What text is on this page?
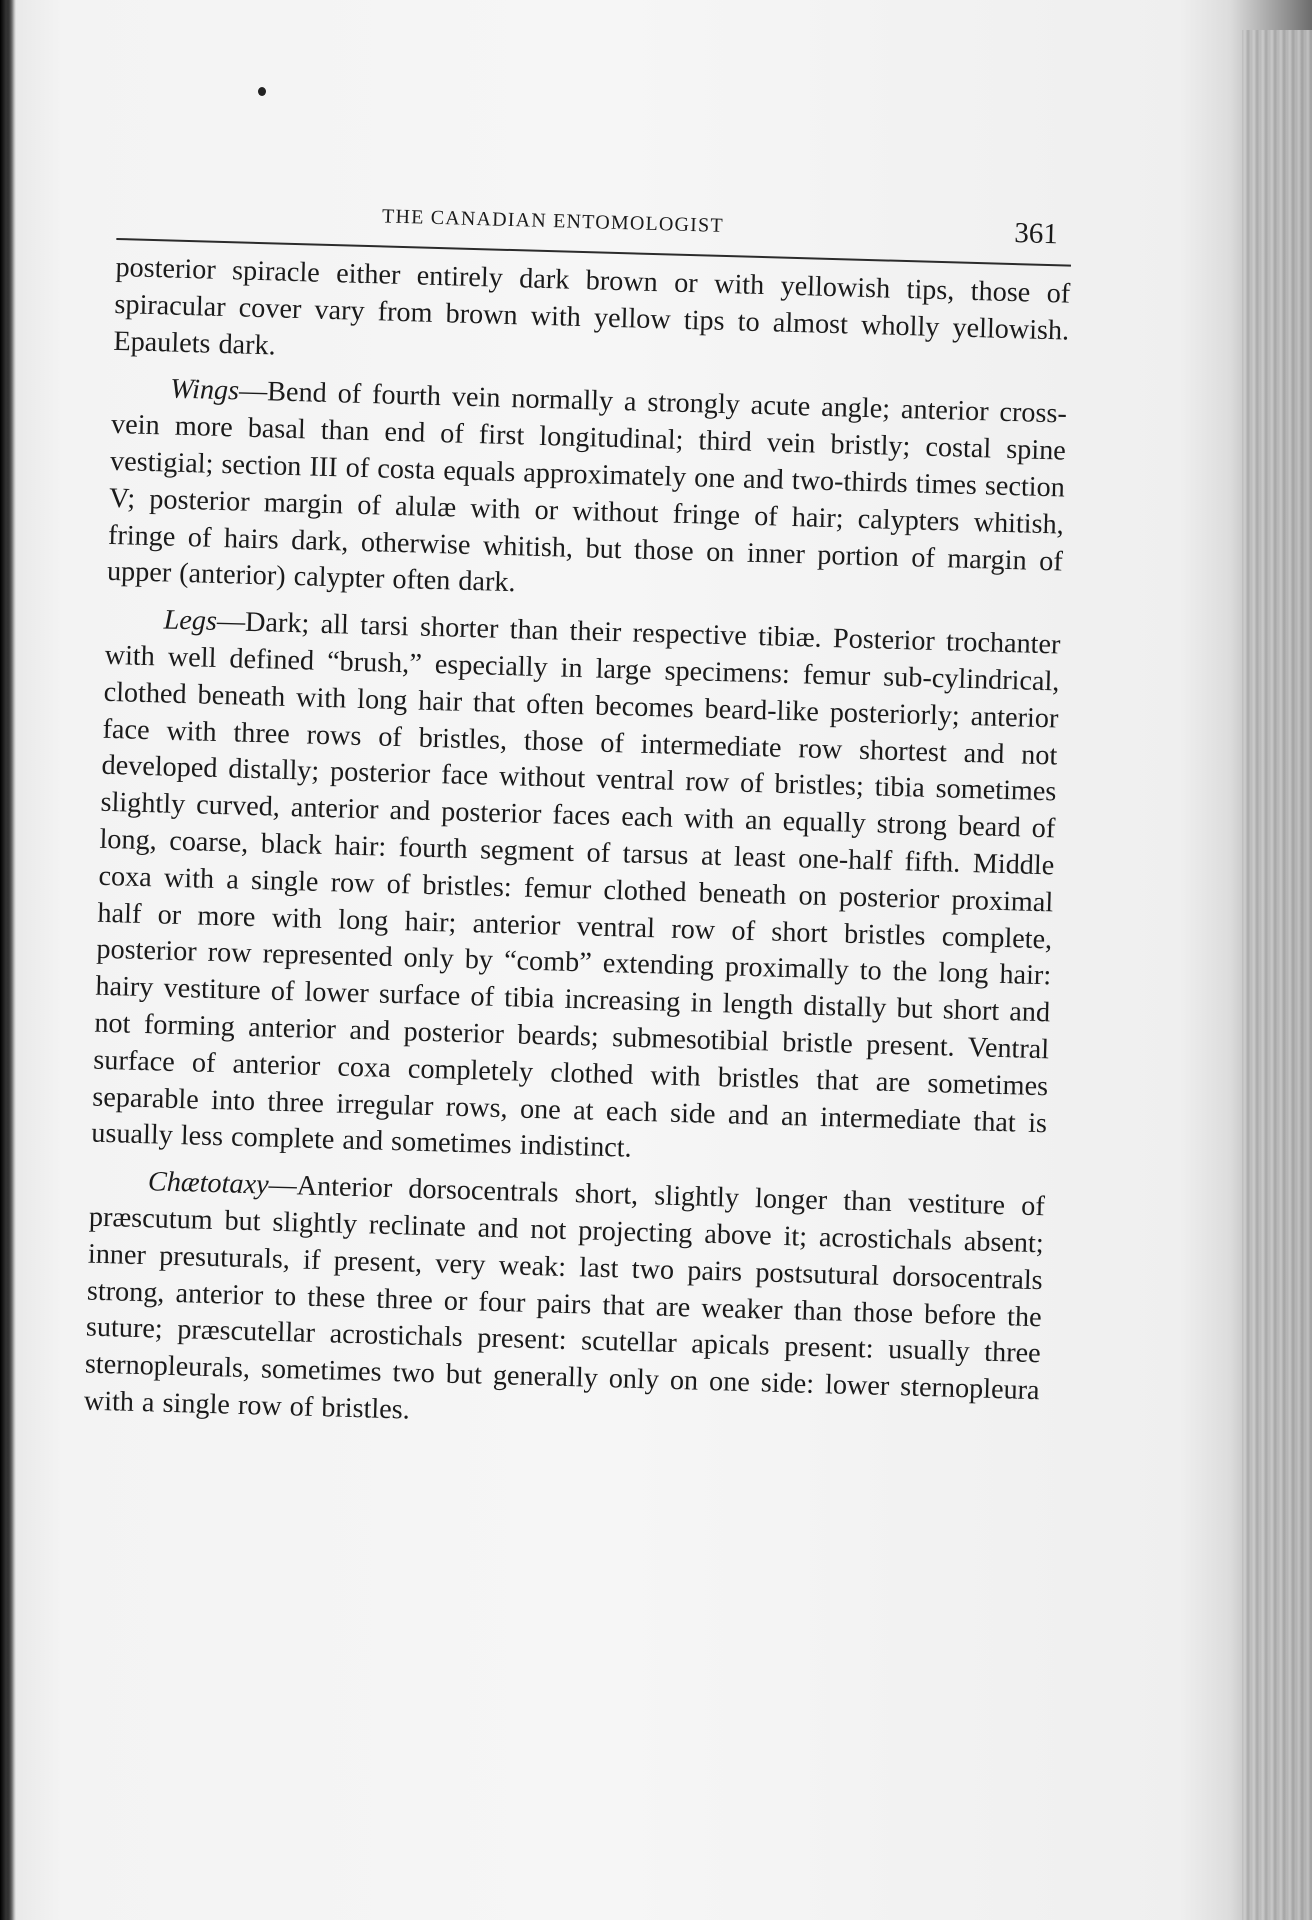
THE CANADIAN ENTOMOLOGIST	361

posterior spiracle either entirely dark brown or with yellowish tips, those of spiracular cover vary from brown with yellow tips to almost wholly yellowish. Epaulets dark.

Wings—Bend of fourth vein normally a strongly acute angle; anterior cross-vein more basal than end of first longitudinal; third vein bristly; costal spine vestigial; section III of costa equals approximately one and two-thirds times section V; posterior margin of alulæ with or without fringe of hair; calypters whitish, fringe of hairs dark, otherwise whitish, but those on inner portion of margin of upper (anterior) calypter often dark.

Legs—Dark; all tarsi shorter than their respective tibiæ. Posterior trochanter with well defined “brush,” especially in large specimens: femur sub-cylindrical, clothed beneath with long hair that often becomes beard-like posteriorly; anterior face with three rows of bristles, those of intermediate row shortest and not developed distally; posterior face without ventral row of bristles; tibia sometimes slightly curved, anterior and posterior faces each with an equally strong beard of long, coarse, black hair: fourth segment of tarsus at least one-half fifth. Middle coxa with a single row of bristles: femur clothed beneath on posterior proximal half or more with long hair; anterior ventral row of short bristles complete, posterior row represented only by “comb” extending proximally to the long hair: hairy vestiture of lower surface of tibia increasing in length distally but short and not forming anterior and posterior beards; submesotibial bristle present. Ventral surface of anterior coxa completely clothed with bristles that are sometimes separable into three irregular rows, one at each side and an intermediate that is usually less complete and sometimes indistinct.

Chætotaxy—Anterior dorsocentrals short, slightly longer than vestiture of præscutum but slightly reclinate and not projecting above it; acrostichals absent; inner presuturals, if present, very weak: last two pairs postsutural dorsocentrals strong, anterior to these three or four pairs that are weaker than those before the suture; præscutellar acrostichals present: scutellar apicals present: usually three sternopleurals, sometimes two but generally only on one side: lower sternopleura with a single row of bristles.
